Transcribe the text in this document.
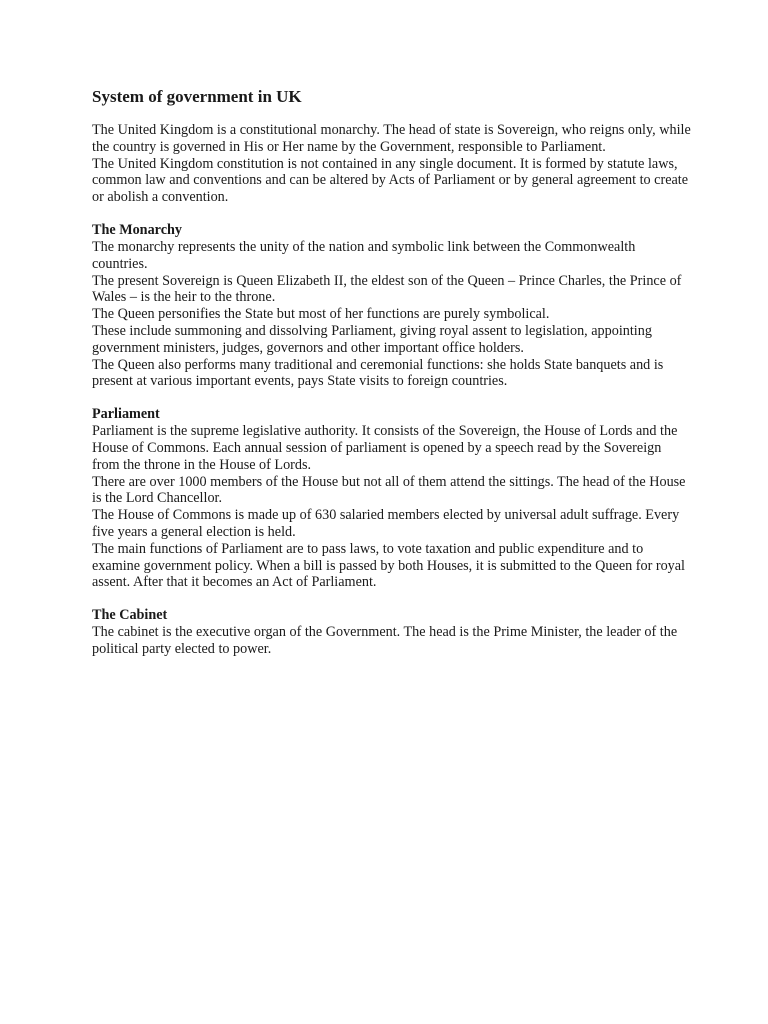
System of government in UK

The United Kingdom is a constitutional monarchy. The head of state is Sovereign, who reigns only, while the country is governed in His or Her name by the Government, responsible to Parliament.

The United Kingdom constitution is not contained in any single document. It is formed by statute laws, common law and conventions and can be altered by Acts of Parliament or by general agreement to create or abolish a convention.

The Monarchy

The monarchy represents the unity of the nation and symbolic link between the Commonwealth countries.

The present Sovereign is Queen Elizabeth II, the eldest son of the Queen – Prince Charles, the Prince of Wales – is the heir to the throne.

The Queen personifies the State but most of her functions are purely symbolical.

These include summoning and dissolving Parliament, giving royal assent to legislation, appointing government ministers, judges, governors and other important office holders.

The Queen also performs many traditional and ceremonial functions: she holds State banquets and is present at various important events, pays State visits to foreign countries.

Parliament

Parliament is the supreme legislative authority. It consists of the Sovereign, the House of Lords and the House of Commons. Each annual session of parliament is opened by a speech read by the Sovereign from the throne in the House of Lords.

There are over 1000 members of the House but not all of them attend the sittings. The head of the House is the Lord Chancellor.

The House of Commons is made up of 630 salaried members elected by universal adult suffrage. Every five years a general election is held.

The main functions of Parliament are to pass laws, to vote taxation and public expenditure and to examine government policy. When a bill is passed by both Houses, it is submitted to the Queen for royal assent. After that it becomes an Act of Parliament.

The Cabinet

The cabinet is the executive organ of the Government. The head is the Prime Minister, the leader of the political party elected to power.
